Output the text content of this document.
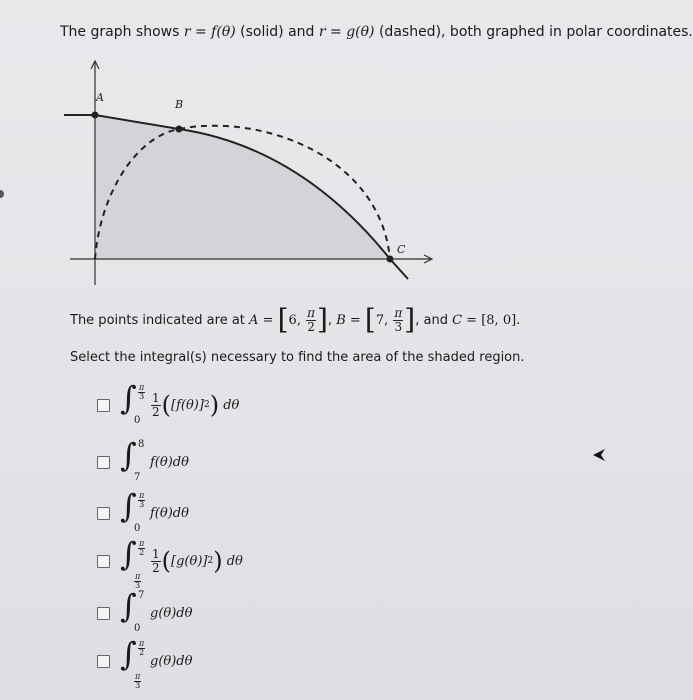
The graph shows r = f(θ) (solid) and r = g(θ) (dashed), both graphed in polar coordinates.
A
B
C
The points indicated are at
A =
[ 6,
$\frac{\pi}{2}$ ] , B =
[ 7,
$\frac{\pi}{3}$ ] , and
C =
[8, 0].
Select the integral(s) necessary to find the area of the shaded region.
∫ $\frac{\pi}{3}$
0
$\frac{1}{2}$ ( [ f(θ) ] 2 )
dθ
∫ 8
7
f(θ)dθ
∫ $\frac{\pi}{3}$
0
f(θ)dθ
∫ $\frac{\pi}{2}$
$\frac{\pi}{3}$
$\frac{1}{2}$ ( [ g(θ) ] 2 )
dθ
∫ 7
0
g(θ)dθ
∫ $\frac{\pi}{2}$
$\frac{\pi}{3}$
g(θ)dθ
